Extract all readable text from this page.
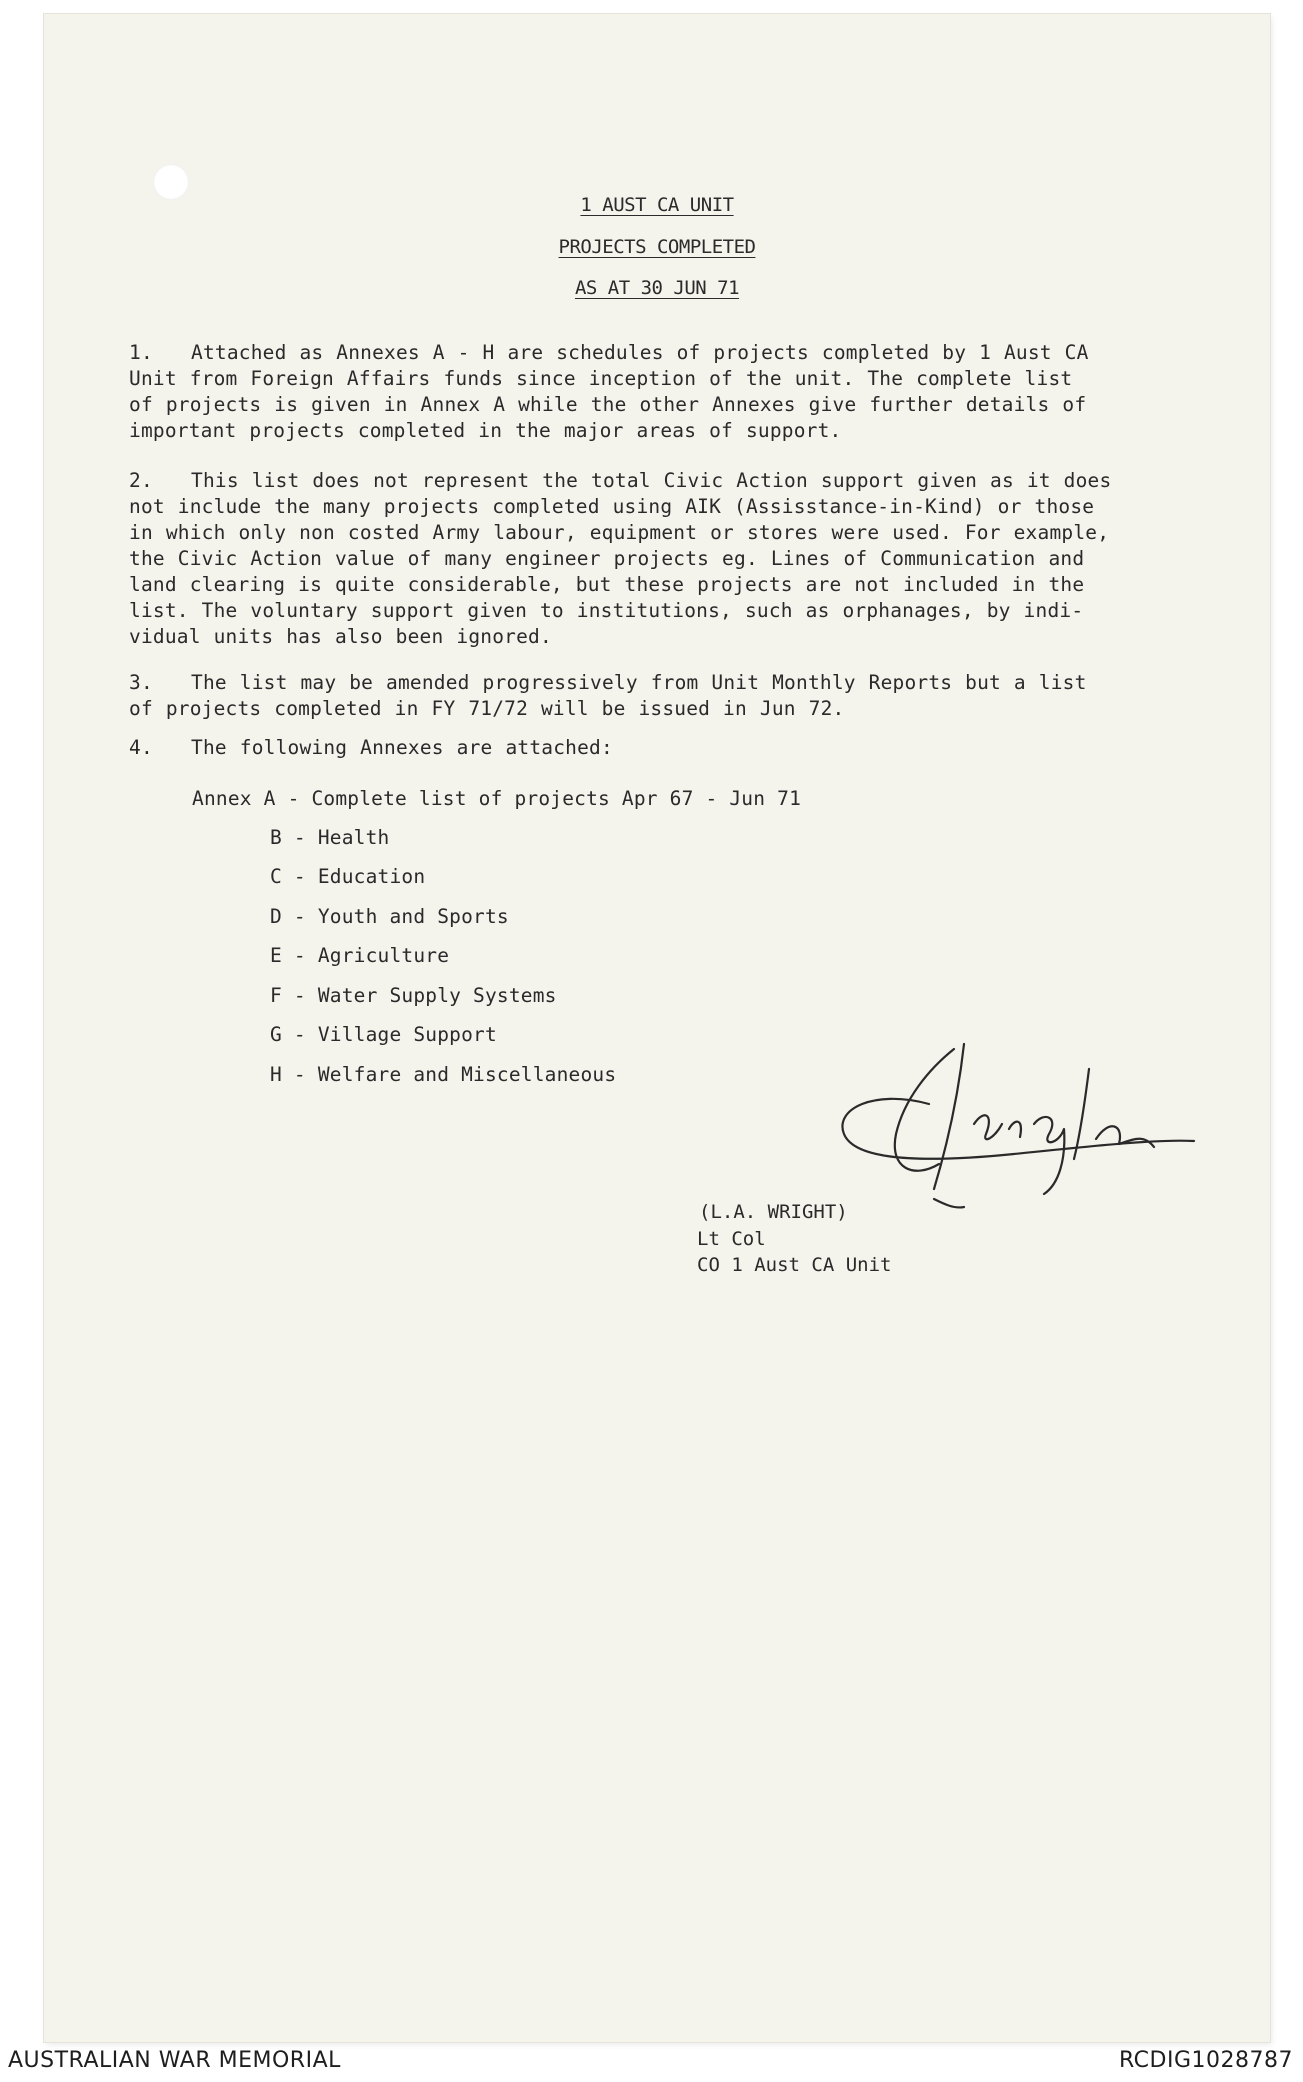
1 AUST CA UNIT
PROJECTS COMPLETED
AS AT 30 JUN 71
1. Attached as Annexes A - H are schedules of projects completed by 1 Aust CA
Unit from Foreign Affairs funds since inception of the unit. The complete list
of projects is given in Annex A while the other Annexes give further details of
important projects completed in the major areas of support.
2. This list does not represent the total Civic Action support given as it does
not include the many projects completed using AIK (Assisstance-in-Kind) or those
in which only non costed Army labour, equipment or stores were used. For example,
the Civic Action value of many engineer projects eg. Lines of Communication and
land clearing is quite considerable, but these projects are not included in the
list. The voluntary support given to institutions, such as orphanages, by indi-
vidual units has also been ignored.
3. The list may be amended progressively from Unit Monthly Reports but a list
of projects completed in FY 71/72 will be issued in Jun 72.
4. The following Annexes are attached:
Annex A - Complete list of projects Apr 67 - Jun 71
B - Health
C - Education
D - Youth and Sports
E - Agriculture
F - Water Supply Systems
G - Village Support
H - Welfare and Miscellaneous
(L.A. WRIGHT)
Lt Col
CO 1 Aust CA Unit
AUSTRALIAN WAR MEMORIAL	RCDIG1028787
